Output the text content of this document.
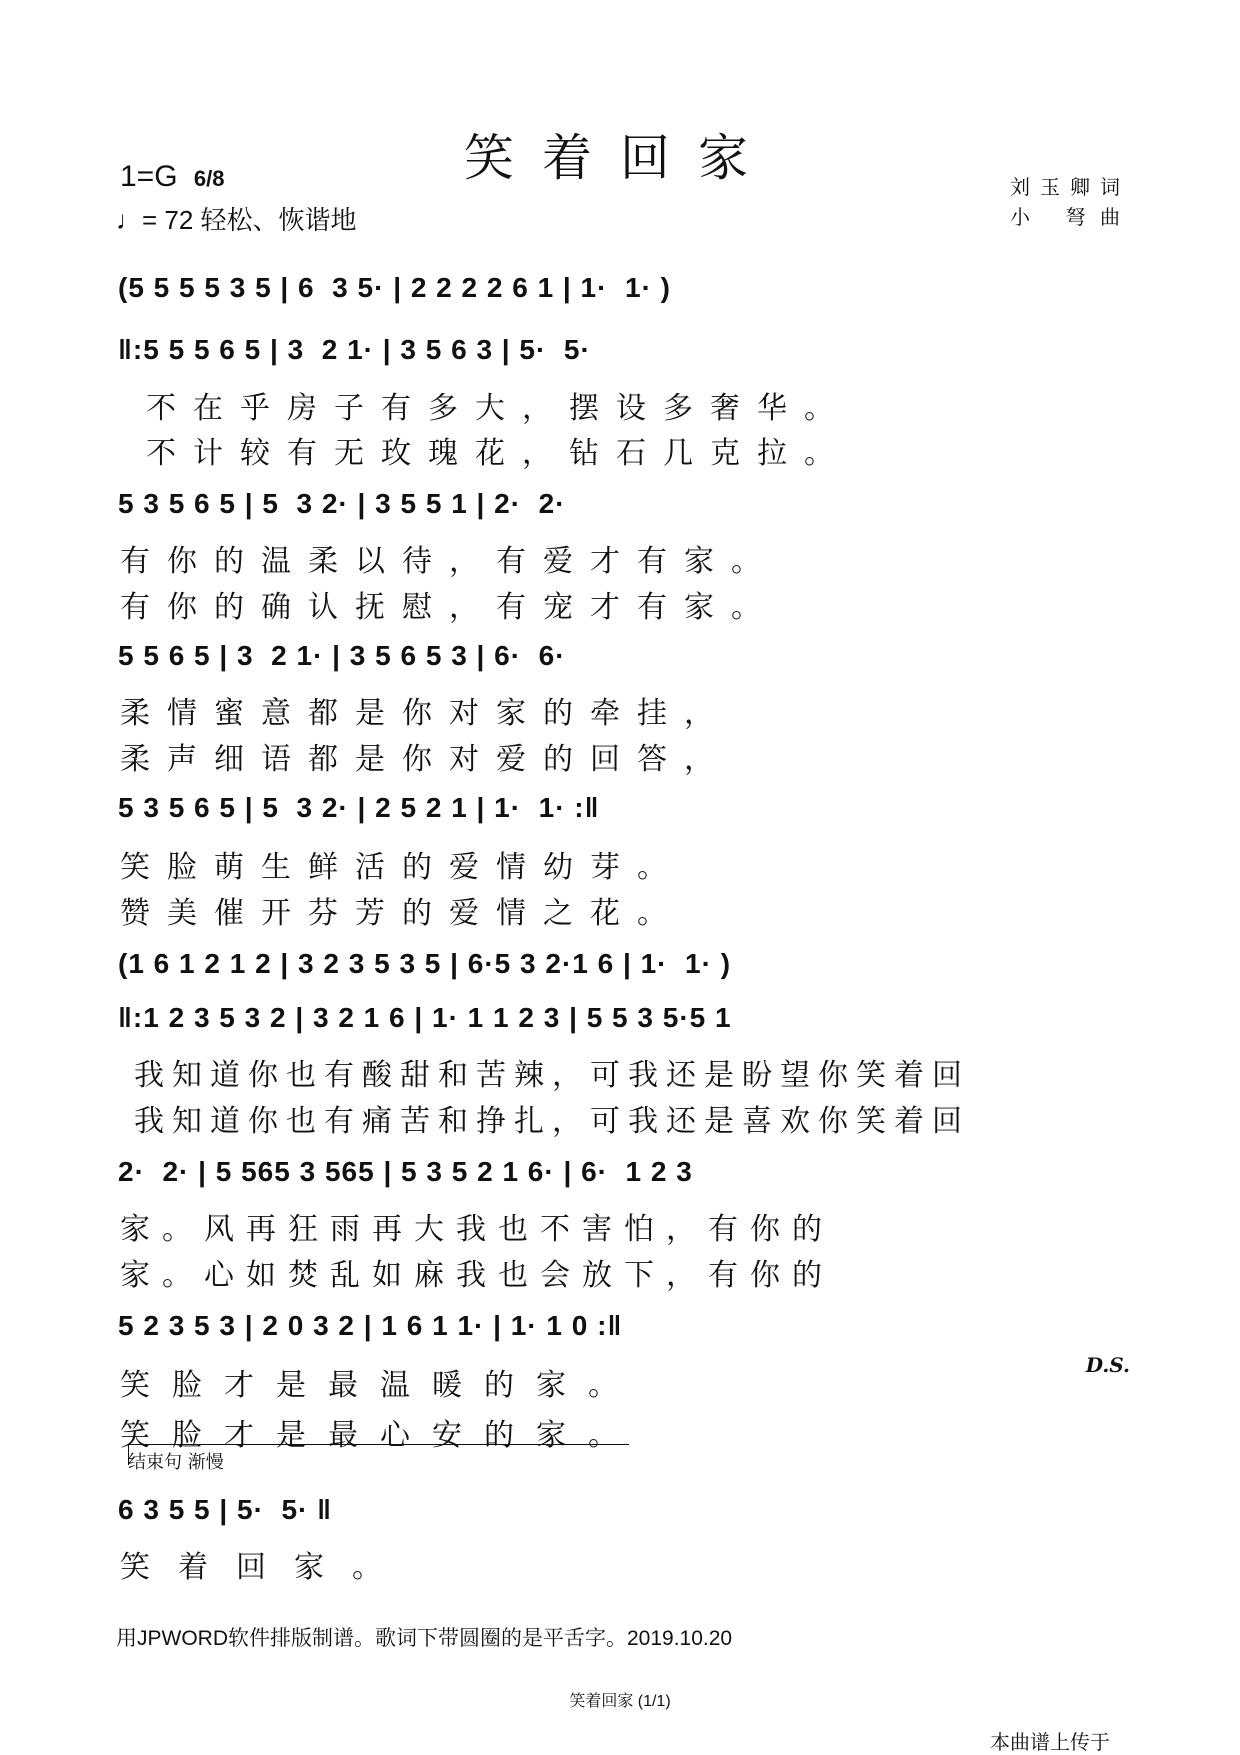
笑着回家
1=G 6/8
♩= 72 轻松、恢谐地
刘玉卿词
小 弩曲
(5 5 5 5 3 5 | 6  3 5· | 2 2 2 2 6 1 | 1·  1· )
‖:5 5 5 6 5 | 3  2 1· | 3 5 6 3 | 5·  5·
不在乎房子有多大，摆设多奢华。
不计较有无玫瑰花，钻石几克拉。
5 3 5 6 5 | 5  3 2· | 3 5 5 1 | 2·  2·
有你的温柔以待，有爱才有家。
有你的确认抚慰，有宠才有家。
5 5 6 5 | 3  2 1· | 3 5 6 5 3 | 6·  6·
柔情蜜意都是你对家的牵挂，
柔声细语都是你对爱的回答，
5 3 5 6 5 | 5  3 2· | 2 5 2 1 | 1·  1· :‖
笑脸萌生鲜活的爱情幼芽。
赞美催开芬芳的爱情之花。
(1 6 1 2 1 2 | 3 2 3 5 3 5 | 6·5 3 2·1 6 | 1·  1· )
‖:1 2 3 5 3 2 | 3 2 1 6 | 1· 1 1 2 3 | 5 5 3 5·5 1
我知道你也有酸甜和苦辣，可我还是盼望你笑着回
我知道你也有痛苦和挣扎，可我还是喜欢你笑着回
2·  2· | 5 565 3 565 | 5 3 5 2 1 6· | 6·  1 2 3
家。风再狂雨再大我也不害怕，有你的
家。心如焚乱如麻我也会放下，有你的
5 2 3 5 3 | 2 0 3 2 | 1 6 1 1· | 1· 1 0 :‖
D.S.
笑脸才是最温暖的家。
笑脸才是最心安的家。
结束句 渐慢
6 3 5 5 | 5·  5· ‖
笑着回家。
用JPWORD软件排版制谱。歌词下带圆圈的是平舌字。2019.10.20
笑着回家 (1/1)
本曲谱上传于
